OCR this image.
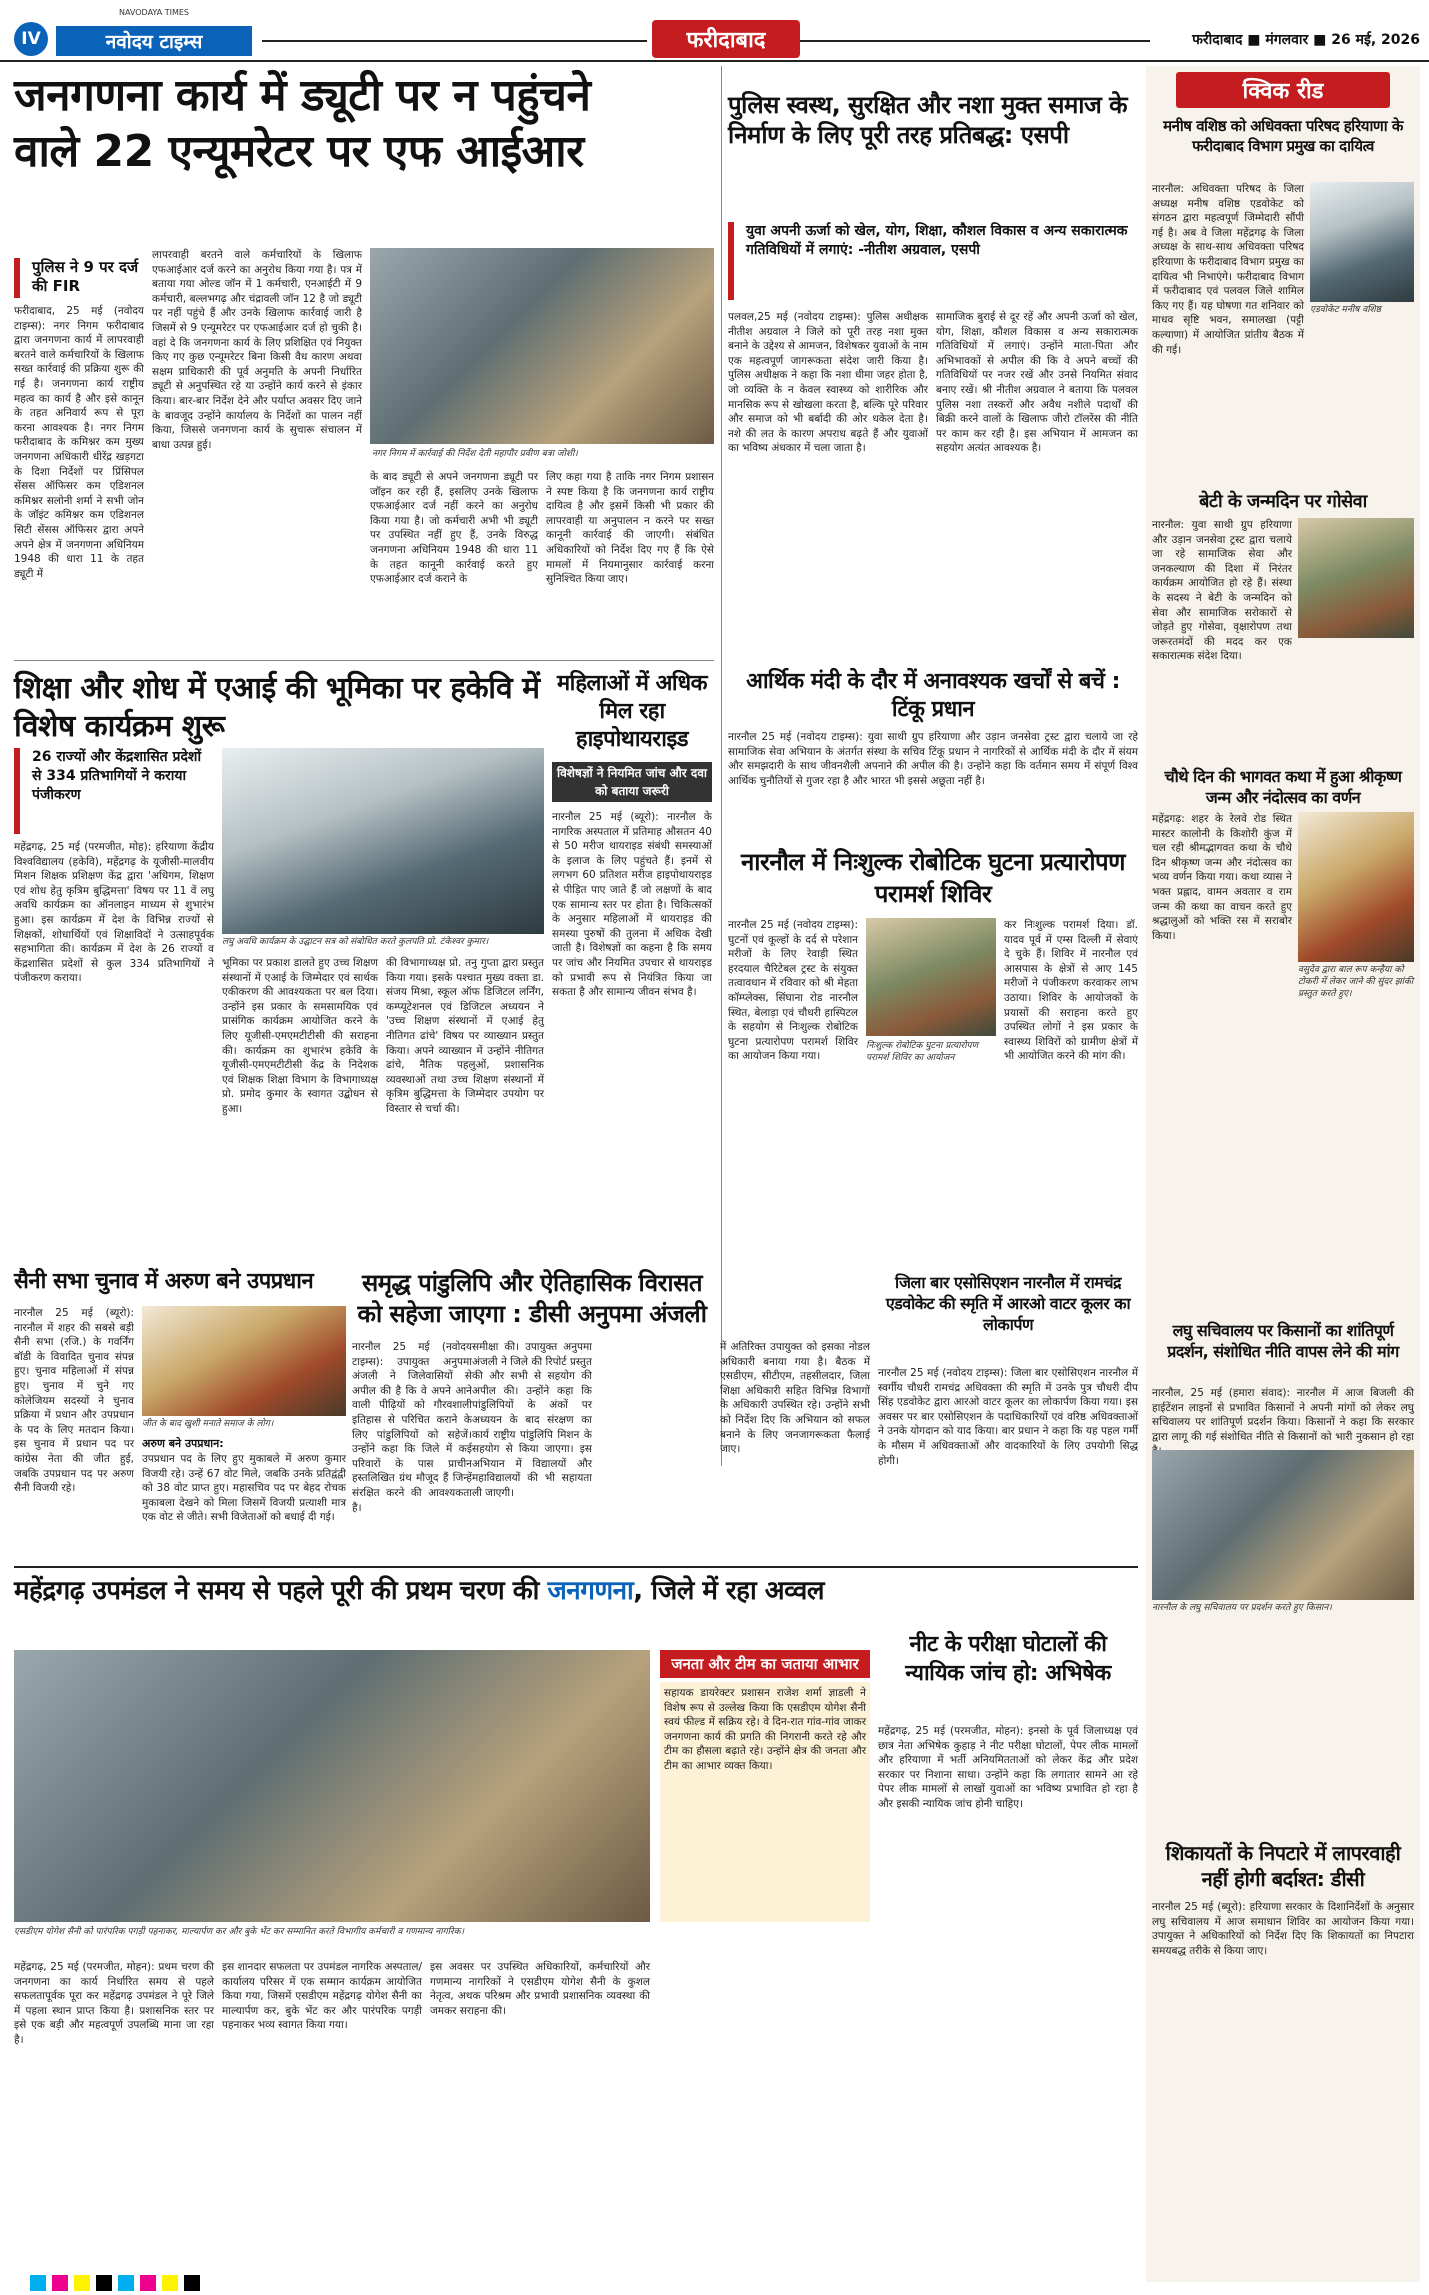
IV
NAVODAYA TIMES
नवोदय टाइम्स	फरीदाबाद	फरीदाबाद ■ मंगलवार ■ 26 मई, 2026
जनगणना कार्य में ड्यूटी पर न पहुंचने
वाले 22 एन्यूमरेटर पर एफ आईआर
पुलिस ने 9 पर दर्ज की FIR
फरीदाबाद, 25 मई (नवोदय टाइम्स): नगर निगम फरीदाबाद द्वारा जनगणना कार्य में लापरवाही बरतने वाले कर्मचारियों के खिलाफ सख्त कार्रवाई की प्रक्रिया शुरू की गई है। जनगणना कार्य राष्ट्रीय महत्व का कार्य है और इसे कानून के तहत अनिवार्य रूप से पूरा करना आवश्यक है। नगर निगम फरीदाबाद के कमिश्नर कम मुख्य जनगणना अधिकारी धीरेंद्र खड़गटा के दिशा निर्देशों पर प्रिंसिपल सेंसस ऑफिसर कम एडिशनल कमिश्नर सलोनी शर्मा ने सभी जोन के जॉइंट कमिश्नर कम एडिशनल सिटी सेंसस ऑफिसर द्वारा अपने अपने क्षेत्र में जनगणना अधिनियम 1948 की धारा 11 के तहत ड्यूटी में
लापरवाही बरतने वाले कर्मचारियों के खिलाफ एफआईआर दर्ज करने का अनुरोध किया गया है। पत्र में बताया गया ओल्ड जॉन में 1 कर्मचारी, एनआईटी में 9 कर्मचारी, बल्लभगढ़ और चंद्रावली जॉन 12 है जो ड्यूटी पर नहीं पहुंचे हैं और उनके खिलाफ कार्रवाई जारी है जिसमें से 9 एन्यूमरेटर पर एफआईआर दर्ज हो चुकी है। वहां दे कि जनगणना कार्य के लिए प्रशिक्षित एवं नियुक्त किए गए कुछ एन्यूमरेटर बिना किसी वैध कारण अथवा सक्षम प्राधिकारी की पूर्व अनुमति के अपनी निर्धारित ड्यूटी से अनुपस्थित रहे या उन्होंने कार्य करने से इंकार किया। बार-बार निर्देश देने और पर्याप्त अवसर दिए जाने के बावजूद उन्होंने कार्यालय के निर्देशों का पालन नहीं किया, जिससे जनगणना कार्य के सुचारू संचालन में बाधा उत्पन्न हुई।
नगर निगम में कार्रवाई की निर्देश देती महापौर प्रवीण बत्रा जोशी।
के बाद ड्यूटी से अपने जनगणना ड्यूटी पर जॉइन कर रही हैं, इसलिए उनके खिलाफ एफआईआर दर्ज नहीं करने का अनुरोध किया गया है। जो कर्मचारी अभी भी ड्यूटी पर उपस्थित नहीं हुए हैं, उनके विरुद्ध जनगणना अधिनियम 1948 की धारा 11 के तहत कानूनी कार्रवाई करते हुए एफआईआर दर्ज कराने के
लिए कहा गया है ताकि नगर निगम प्रशासन ने स्पष्ट किया है कि जनगणना कार्य राष्ट्रीय दायित्व है और इसमें किसी भी प्रकार की लापरवाही या अनुपालन न करने पर सख्त कानूनी कार्रवाई की जाएगी। संबंधित अधिकारियों को निर्देश दिए गए हैं कि ऐसे मामलों में नियमानुसार कार्रवाई करना सुनिश्चित किया जाए।
पुलिस स्वस्थ, सुरक्षित और नशा मुक्त समाज के निर्माण के लिए पूरी तरह प्रतिबद्ध: एसपी
युवा अपनी ऊर्जा को खेल, योग, शिक्षा, कौशल विकास व अन्य सकारात्मक गतिविधियों में लगाएं: -नीतीश अग्रवाल, एसपी
पलवल,25 मई (नवोदय टाइम्स): पुलिस अधीक्षक नीतीश अग्रवाल ने जिले को पूरी तरह नशा मुक्त बनाने के उद्देश्य से आमजन, विशेषकर युवाओं के नाम एक महत्वपूर्ण जागरूकता संदेश जारी किया है। पुलिस अधीक्षक ने कहा कि नशा धीमा जहर होता है, जो व्यक्ति के न केवल स्वास्थ्य को शारीरिक और मानसिक रूप से खोखला करता है, बल्कि पूरे परिवार और समाज को भी बर्बादी की ओर धकेल देता है। नशे की लत के कारण अपराध बढ़ते हैं और युवाओं का भविष्य अंधकार में चला जाता है।
सामाजिक बुराई से दूर रहें और अपनी ऊर्जा को खेल, योग, शिक्षा, कौशल विकास व अन्य सकारात्मक गतिविधियों में लगाएं। उन्होंने माता-पिता और अभिभावकों से अपील की कि वे अपने बच्चों की गतिविधियों पर नजर रखें और उनसे नियमित संवाद बनाए रखें। श्री नीतीश अग्रवाल ने बताया कि पलवल पुलिस नशा तस्करों और अवैध नशीले पदार्थों की बिक्री करने वालों के खिलाफ जीरो टॉलरेंस की नीति पर काम कर रही है। इस अभियान में आमजन का सहयोग अत्यंत आवश्यक है।
शिक्षा और शोध में एआई की भूमिका पर हकेवि में विशेष कार्यक्रम शुरू
26 राज्यों और केंद्रशासित प्रदेशों से 334 प्रतिभागियों ने कराया पंजीकरण
लघु अवधि कार्यक्रम के उद्घाटन सत्र को संबोधित करते कुलपति प्रो. टंकेश्वर कुमार।
महेंद्रगढ़, 25 मई (परमजीत, मोह): हरियाणा केंद्रीय विश्वविद्यालय (हकेवि), महेंद्रगढ़ के यूजीसी-मालवीय मिशन शिक्षक प्रशिक्षण केंद्र द्वारा 'अधिगम, शिक्षण एवं शोध हेतु कृत्रिम बुद्धिमत्ता' विषय पर 11 वें लघु अवधि कार्यक्रम का ऑनलाइन माध्यम से शुभारंभ हुआ। इस कार्यक्रम में देश के विभिन्न राज्यों से शिक्षकों, शोधार्थियों एवं शिक्षाविदों ने उत्साहपूर्वक सहभागिता की। कार्यक्रम में देश के 26 राज्यों व केंद्रशासित प्रदेशों से कुल 334 प्रतिभागियों ने पंजीकरण कराया।
भूमिका पर प्रकाश डालते हुए उच्च शिक्षण संस्थानों में एआई के जिम्मेदार एवं सार्थक एकीकरण की आवश्यकता पर बल दिया। उन्होंने इस प्रकार के समसामयिक एवं प्रासंगिक कार्यक्रम आयोजित करने के लिए यूजीसी-एमएमटीटीसी की सराहना की। कार्यक्रम का शुभारंभ हकेवि के यूजीसी-एमएमटीटीसी केंद्र के निदेशक एवं शिक्षक शिक्षा विभाग के विभागाध्यक्ष प्रो. प्रमोद कुमार के स्वागत उद्बोधन से हुआ।
की विभागाध्यक्ष प्रो. तनु गुप्ता द्वारा प्रस्तुत किया गया। इसके पश्चात मुख्य वक्ता डा. संजय मिश्रा, स्कूल ऑफ डिजिटल लर्निंग, कम्प्यूटेशनल एवं डिजिटल अध्ययन ने 'उच्च शिक्षण संस्थानों में एआई हेतु नीतिगत ढांचे' विषय पर व्याख्यान प्रस्तुत किया। अपने व्याख्यान में उन्होंने नीतिगत ढांचे, नैतिक पहलुओं, प्रशासनिक व्यवस्थाओं तथा उच्च शिक्षण संस्थानों में कृत्रिम बुद्धिमत्ता के जिम्मेदार उपयोग पर विस्तार से चर्चा की।
महिलाओं में अधिक मिल रहा हाइपोथायराइड
विशेषज्ञों ने नियमित जांच और दवा को बताया जरूरी
नारनौल 25 मई (ब्यूरो): नारनौल के नागरिक अस्पताल में प्रतिमाह औसतन 40 से 50 मरीज थायराइड संबंधी समस्याओं के इलाज के लिए पहुंचते हैं। इनमें से लगभग 60 प्रतिशत मरीज हाइपोथायराइड से पीड़ित पाए जाते हैं जो लक्षणों के बाद एक सामान्य स्तर पर होता है। चिकित्सकों के अनुसार महिलाओं में थायराइड की समस्या पुरुषों की तुलना में अधिक देखी जाती है। विशेषज्ञों का कहना है कि समय पर जांच और नियमित उपचार से थायराइड को प्रभावी रूप से नियंत्रित किया जा सकता है और सामान्य जीवन संभव है।
आर्थिक मंदी के दौर में अनावश्यक खर्चों से बचें : टिंकू प्रधान
नारनौल 25 मई (नवोदय टाइम्स): युवा साथी ग्रुप हरियाणा और उड़ान जनसेवा ट्रस्ट द्वारा चलाये जा रहे सामाजिक सेवा अभियान के अंतर्गत संस्था के सचिव टिंकू प्रधान ने नागरिकों से आर्थिक मंदी के दौर में संयम और समझदारी के साथ जीवनशैली अपनाने की अपील की है। उन्होंने कहा कि वर्तमान समय में संपूर्ण विश्व आर्थिक चुनौतियों से गुजर रहा है और भारत भी इससे अछूता नहीं है।
नारनौल में निःशुल्क रोबोटिक घुटना प्रत्यारोपण परामर्श शिविर
नारनौल 25 मई (नवोदय टाइम्स): घुटनों एवं कूल्हों के दर्द से परेशान मरीजों के लिए रेवाड़ी स्थित हरदयाल चैरिटेबल ट्रस्ट के संयुक्त तत्वावधान में रविवार को श्री मेहता कॉम्प्लेक्स, सिंघाना रोड नारनौल स्थित, बेलाड़ा एवं चौधरी हास्पिटल के सहयोग से निःशुल्क रोबोटिक घुटना प्रत्यारोपण परामर्श शिविर का आयोजन किया गया।
निःशुल्क रोबोटिक घुटना प्रत्यारोपण परामर्श शिविर का आयोजन
कर निःशुल्क परामर्श दिया। डॉ. यादव पूर्व में एम्स दिल्ली में सेवाएं दे चुके हैं। शिविर में नारनौल एवं आसपास के क्षेत्रों से आए 145 मरीजों ने पंजीकरण करवाकर लाभ उठाया। शिविर के आयोजकों के प्रयासों की सराहना करते हुए उपस्थित लोगों ने इस प्रकार के स्वास्थ्य शिविरों को ग्रामीण क्षेत्रों में भी आयोजित करने की मांग की।
सैनी सभा चुनाव में अरुण बने उपप्रधान
नारनौल 25 मई (ब्यूरो): नारनौल में शहर की सबसे बड़ी सैनी सभा (रजि.) के गवर्निंग बॉडी के विवादित चुनाव संपन्न हुए। चुनाव महिलाओं में संपन्न हुए। चुनाव में चुने गए कोलेजियम सदस्यों ने चुनाव प्रक्रिया में प्रधान और उपप्रधान के पद के लिए मतदान किया। इस चुनाव में प्रधान पद पर कांग्रेस नेता की जीत हुई, जबकि उपप्रधान पद पर अरुण सैनी विजयी रहे।
जीत के बाद खुशी मनाते समाज के लोग।
अरुण बने उपप्रधान:
उपप्रधान पद के लिए हुए मुकाबले में अरुण कुमार विजयी रहे। उन्हें 67 वोट मिले, जबकि उनके प्रतिद्वंद्वी को 38 वोट प्राप्त हुए। महासचिव पद पर बेहद रोचक मुकाबला देखने को मिला जिसमें विजयी प्रत्याशी मात्र एक वोट से जीते। सभी विजेताओं को बधाई दी गई।
समृद्ध पांडुलिपि और ऐतिहासिक विरासत को सहेजा जाएगा : डीसी अनुपमा अंजली
नारनौल 25 मई (नवोदय टाइम्स): उपायुक्त अनुपमा अंजली ने जिलेवासियों से अपील की है कि वे अपने आने वाली पीढ़ियों को गौरवशाली इतिहास से परिचित कराने के लिए पांडुलिपियों को सहेजें। उन्होंने कहा कि जिले में कई परिवारों के पास प्राचीन हस्तलिखित ग्रंथ मौजूद हैं जिन्हें संरक्षित करने की आवश्यकता है।
समीक्षा की। उपायुक्त अनुपमा अंजली ने जिले की रिपोर्ट प्रस्तुत की और सभी से सहयोग की अपील की। उन्होंने कहा कि पांडुलिपियों के अंकों पर अध्ययन के बाद संरक्षण का कार्य राष्ट्रीय पांडुलिपि मिशन के सहयोग से किया जाएगा। इस अभियान में विद्यालयों और महाविद्यालयों की भी सहायता ली जाएगी।
में अतिरिक्त उपायुक्त को इसका नोडल अधिकारी बनाया गया है। बैठक में एसडीएम, सीटीएम, तहसीलदार, जिला शिक्षा अधिकारी सहित विभिन्न विभागों के अधिकारी उपस्थित रहे। उन्होंने सभी को निर्देश दिए कि अभियान को सफल बनाने के लिए जनजागरूकता फैलाई जाए।
जिला बार एसोसिएशन नारनौल में रामचंद्र एडवोकेट की स्मृति में आरओ वाटर कूलर का लोकार्पण
नारनौल 25 मई (नवोदय टाइम्स): जिला बार एसोसिएशन नारनौल में स्वर्गीय चौधरी रामचंद्र अधिवक्ता की स्मृति में उनके पुत्र चौधरी दीप सिंह एडवोकेट द्वारा आरओ वाटर कूलर का लोकार्पण किया गया। इस अवसर पर बार एसोसिएशन के पदाधिकारियों एवं वरिष्ठ अधिवक्ताओं ने उनके योगदान को याद किया। बार प्रधान ने कहा कि यह पहल गर्मी के मौसम में अधिवक्ताओं और वादकारियों के लिए उपयोगी सिद्ध होगी।
महेंद्रगढ़ उपमंडल ने समय से पहले पूरी की प्रथम चरण की जनगणना, जिले में रहा अव्वल
एसडीएम योगेश सैनी को पारंपरिक पगड़ी पहनाकर, माल्यार्पण कर और बुके भेंट कर सम्मानित करते विभागीय कर्मचारी व गणमान्य नागरिक।
जनता और टीम का जताया आभार
सहायक डायरेक्टर प्रशासन राजेश शर्मा ज्ञाडली ने विशेष रूप से उल्लेख किया कि एसडीएम योगेश सैनी स्वयं फील्ड में सक्रिय रहे। वे दिन-रात गांव-गांव जाकर जनगणना कार्य की प्रगति की निगरानी करते रहे और टीम का हौसला बढ़ाते रहे। उन्होंने क्षेत्र की जनता और टीम का आभार व्यक्त किया।
महेंद्रगढ़, 25 मई (परमजीत, मोहन): प्रथम चरण की जनगणना का कार्य निर्धारित समय से पहले सफलतापूर्वक पूरा कर महेंद्रगढ़ उपमंडल ने पूरे जिले में पहला स्थान प्राप्त किया है। प्रशासनिक स्तर पर इसे एक बड़ी और महत्वपूर्ण उपलब्धि माना जा रहा है।
इस शानदार सफलता पर उपमंडल नागरिक अस्पताल/कार्यालय परिसर में एक सम्मान कार्यक्रम आयोजित किया गया, जिसमें एसडीएम महेंद्रगढ़ योगेश सैनी का माल्यार्पण कर, बुके भेंट कर और पारंपरिक पगड़ी पहनाकर भव्य स्वागत किया गया।
इस अवसर पर उपस्थित अधिकारियों, कर्मचारियों और गणमान्य नागरिकों ने एसडीएम योगेश सैनी के कुशल नेतृत्व, अथक परिश्रम और प्रभावी प्रशासनिक व्यवस्था की जमकर सराहना की।
नीट के परीक्षा घोटालों की न्यायिक जांच हो: अभिषेक
महेंद्रगढ़, 25 मई (परमजीत, मोहन): इनसो के पूर्व जिलाध्यक्ष एवं छात्र नेता अभिषेक कुहाड़ ने नीट परीक्षा घोटालों, पेपर लीक मामलों और हरियाणा में भर्ती अनियमितताओं को लेकर केंद्र और प्रदेश सरकार पर निशाना साधा। उन्होंने कहा कि लगातार सामने आ रहे पेपर लीक मामलों से लाखों युवाओं का भविष्य प्रभावित हो रहा है और इसकी न्यायिक जांच होनी चाहिए।
क्विक रीड
मनीष वशिष्ठ को अधिवक्ता परिषद हरियाणा के फरीदाबाद विभाग प्रमुख का दायित्व
नारनौल: अधिवक्ता परिषद के जिला अध्यक्ष मनीष वशिष्ठ एडवोकेट को संगठन द्वारा महत्वपूर्ण जिम्मेदारी सौंपी गई है। अब वे जिला महेंद्रगढ़ के जिला अध्यक्ष के साथ-साथ अधिवक्ता परिषद हरियाणा के फरीदाबाद विभाग प्रमुख का दायित्व भी निभाएंगे। फरीदाबाद विभाग में फरीदाबाद एवं पलवल जिले शामिल किए गए हैं। यह घोषणा गत शनिवार को माधव सृष्टि भवन, समालखा (पट्टी कल्याणा) में आयोजित प्रांतीय बैठक में की गई।
एडवोकेट मनीष वशिष्ठ
बेटी के जन्मदिन पर गोसेवा
नारनौल: युवा साथी ग्रुप हरियाणा और उड़ान जनसेवा ट्रस्ट द्वारा चलाये जा रहे सामाजिक सेवा और जनकल्याण की दिशा में निरंतर कार्यक्रम आयोजित हो रहे हैं। संस्था के सदस्य ने बेटी के जन्मदिन को सेवा और सामाजिक सरोकारों से जोड़ते हुए गोसेवा, वृक्षारोपण तथा जरूरतमंदों की मदद कर एक सकारात्मक संदेश दिया।
चौथे दिन की भागवत कथा में हुआ श्रीकृष्ण जन्म और नंदोत्सव का वर्णन
महेंद्रगढ़: शहर के रेलवे रोड स्थित मास्टर कालोनी के किशोरी कुंज में चल रही श्रीमद्भागवत कथा के चौथे दिन श्रीकृष्ण जन्म और नंदोत्सव का भव्य वर्णन किया गया। कथा व्यास ने भक्त प्रह्लाद, वामन अवतार व राम जन्म की कथा का वाचन करते हुए श्रद्धालुओं को भक्ति रस में सराबोर किया।
वसुदेव द्वारा बाल रूप कन्हैया को टोकरी में लेकर जाने की सुंदर झांकी प्रस्तुत करते हुए।
लघु सचिवालय पर किसानों का शांतिपूर्ण प्रदर्शन, संशोधित नीति वापस लेने की मांग
नारनौल, 25 मई (हमारा संवाद): नारनौल में आज बिजली की हाईटेंशन लाइनों से प्रभावित किसानों ने अपनी मांगों को लेकर लघु सचिवालय पर शांतिपूर्ण प्रदर्शन किया। किसानों ने कहा कि सरकार द्वारा लागू की गई संशोधित नीति से किसानों को भारी नुकसान हो रहा
नारनौल के लघु सचिवालय पर प्रदर्शन करते हुए किसान।
शिकायतों के निपटारे में लापरवाही नहीं होगी बर्दाश्त: डीसी
नारनौल 25 मई (ब्यूरो): हरियाणा सरकार के दिशानिर्देशों के अनुसार लघु सचिवालय में आज समाधान शिविर का आयोजन किया गया। उपायुक्त ने अधिकारियों को निर्देश दिए कि शिकायतों का निपटारा समयबद्ध तरीके से किया जाए।
